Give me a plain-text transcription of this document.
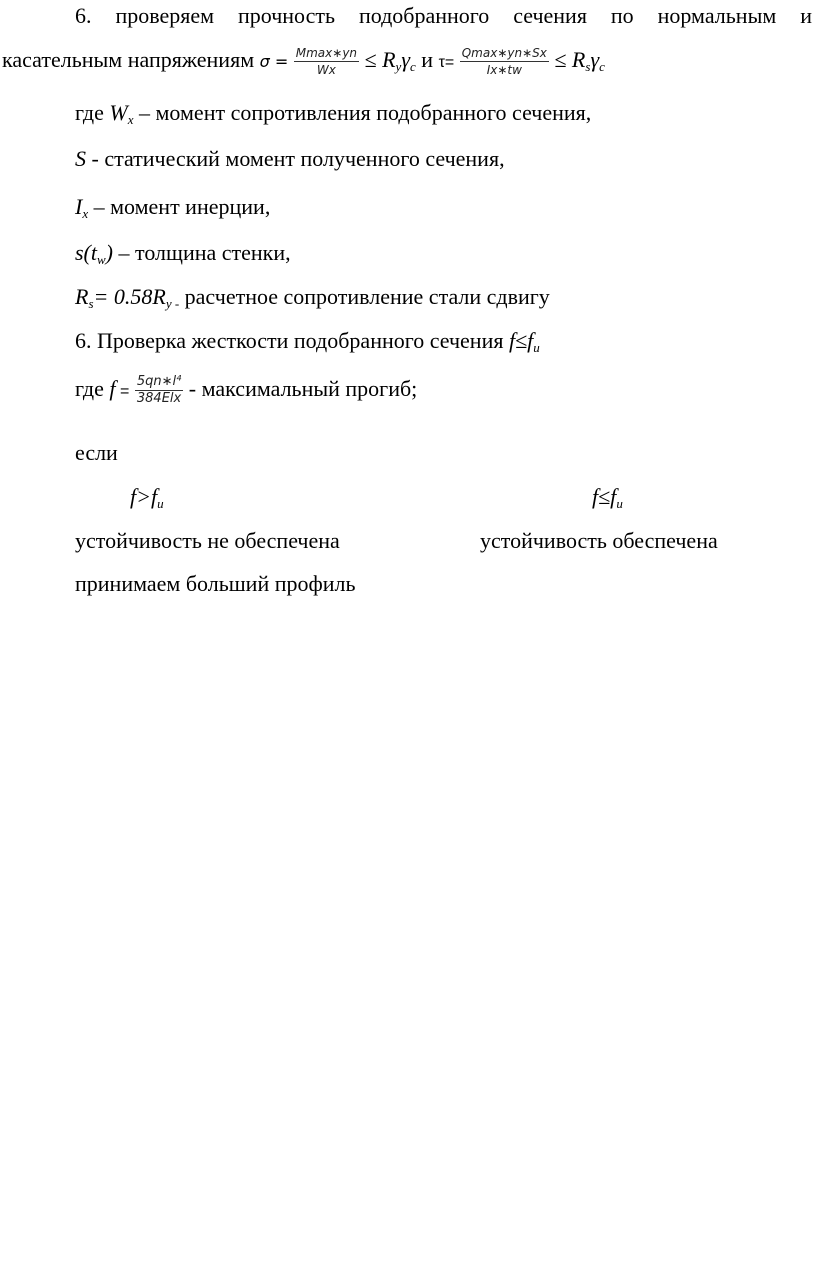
6. проверяем прочность подобранного сечения по нормальным и
касательным напряжениям $\sigma = \frac{Mmax∗yn}{Wx} \le Ry\gamma c$ и $\tau= \frac{Qmax∗yn∗Sx}{Ix∗tw} \le Rs\gamma c$
где Wx – момент сопротивления подобранного сечения,
S ‐ статический момент полученного сечения,
Ix – момент инерции,
s(tw) – толщина стенки,
Rs= 0.58Ry ‐ расчетное сопротивление стали сдвигу
6. Проверка жесткости подобранного сечения f≤fu
где $f = \frac{\text{5qn∗l⁴}}{\text{384Elx}}$ ‐ максимальный прогиб;
если
f>fu	f≤fu
устойчивость не обеспечена	устойчивость обеспечена
принимаем больший профиль
